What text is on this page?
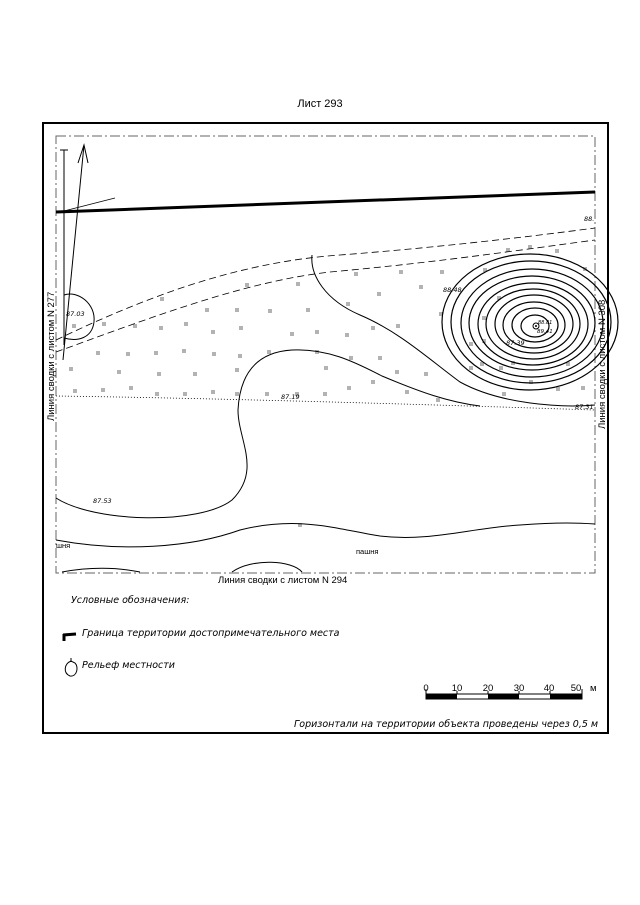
Лист 293
87.03
88.48
88.81
89.41
87.39
87.19
87.53
87.31
88.
пашня
шня
Линия сводки с листом N 277	Линия сводки с листом N 308
Линия сводки с листом N 294
Условные обозначения:
Граница территории достопримечательного места
Рельеф местности
0 10 20 30 40 50 м
Горизонтали на территории объекта проведены через 0,5 м
